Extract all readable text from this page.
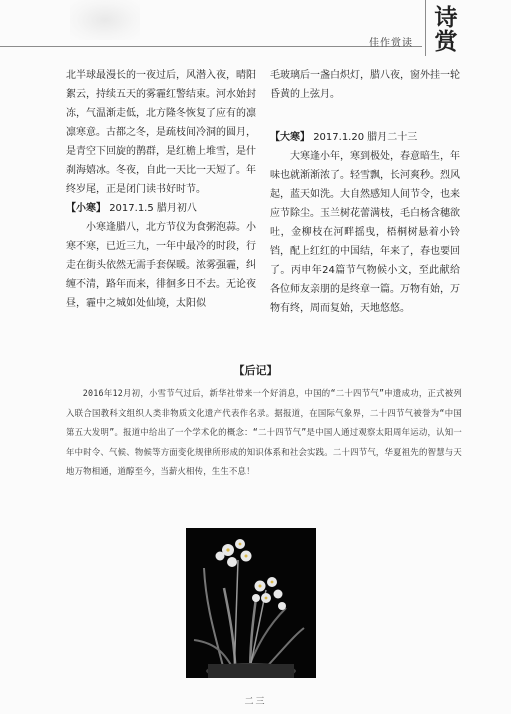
佳作赏读
诗赏

北半球最漫长的一夜过后，风潜入夜，晴阳絮云，持续五天的雾霾红警结束。河水始封冻，气温渐走低，北方隆冬恢复了应有的凛凛寒意。古都之冬，是疏枝间冷洞的圆月，是青空下回旋的鹊群，是红檐上堆雪，是什刹海嬉冰。冬夜，自此一天比一天短了。年终岁尾，正是闭门读书好时节。

【小寒】 2017.1.5 腊月初八

小寒逢腊八，北方节仪为食粥泡蒜。小寒不寒，已近三九，一年中最冷的时段，行走在街头依然无需手套保暖。浓雾强霾，纠缠不清，路年而来，徘徊多日不去。无论夜昼，霾中之城如处仙境，太阳似

毛玻璃后一盏白炽灯，腊八夜，窗外挂一轮昏黄的上弦月。

【大寒】 2017.1.20 腊月二十三

大寒逢小年，寒到极处，春意暗生，年味也就渐渐浓了。轻雪飘，长河爽秒。烈风起，蓝天如洗。大自然感知人间节令，也来应节除尘。玉兰树花蕾满枝，毛白杨含穗欲吐，金柳枝在河畔摇曳，梧桐树悬着小铃铛，配上红红的中国结，年来了，春也要回了。丙申年24篇节气物候小文，至此献给各位师友亲朋的是终章一篇。万物有始，万物有终，周而复始，天地悠悠。

【后记】
2016年12月初，小雪节气过后，新华社带来一个好消息，中国的“二十四节气”申遗成功，正式被列入联合国教科文组织人类非物质文化遗产代表作名录。据报道，在国际气象界，二十四节气被誉为“中国第五大发明”。报道中给出了一个学术化的概念：“二十四节气”是中国人通过观察太阳周年运动，认知一年中时令、气候、物候等方面变化规律所形成的知识体系和社会实践。二十四节气，华夏祖先的智慧与天地万物相通，道醇至今，当薪火相传，生生不息！
二三
